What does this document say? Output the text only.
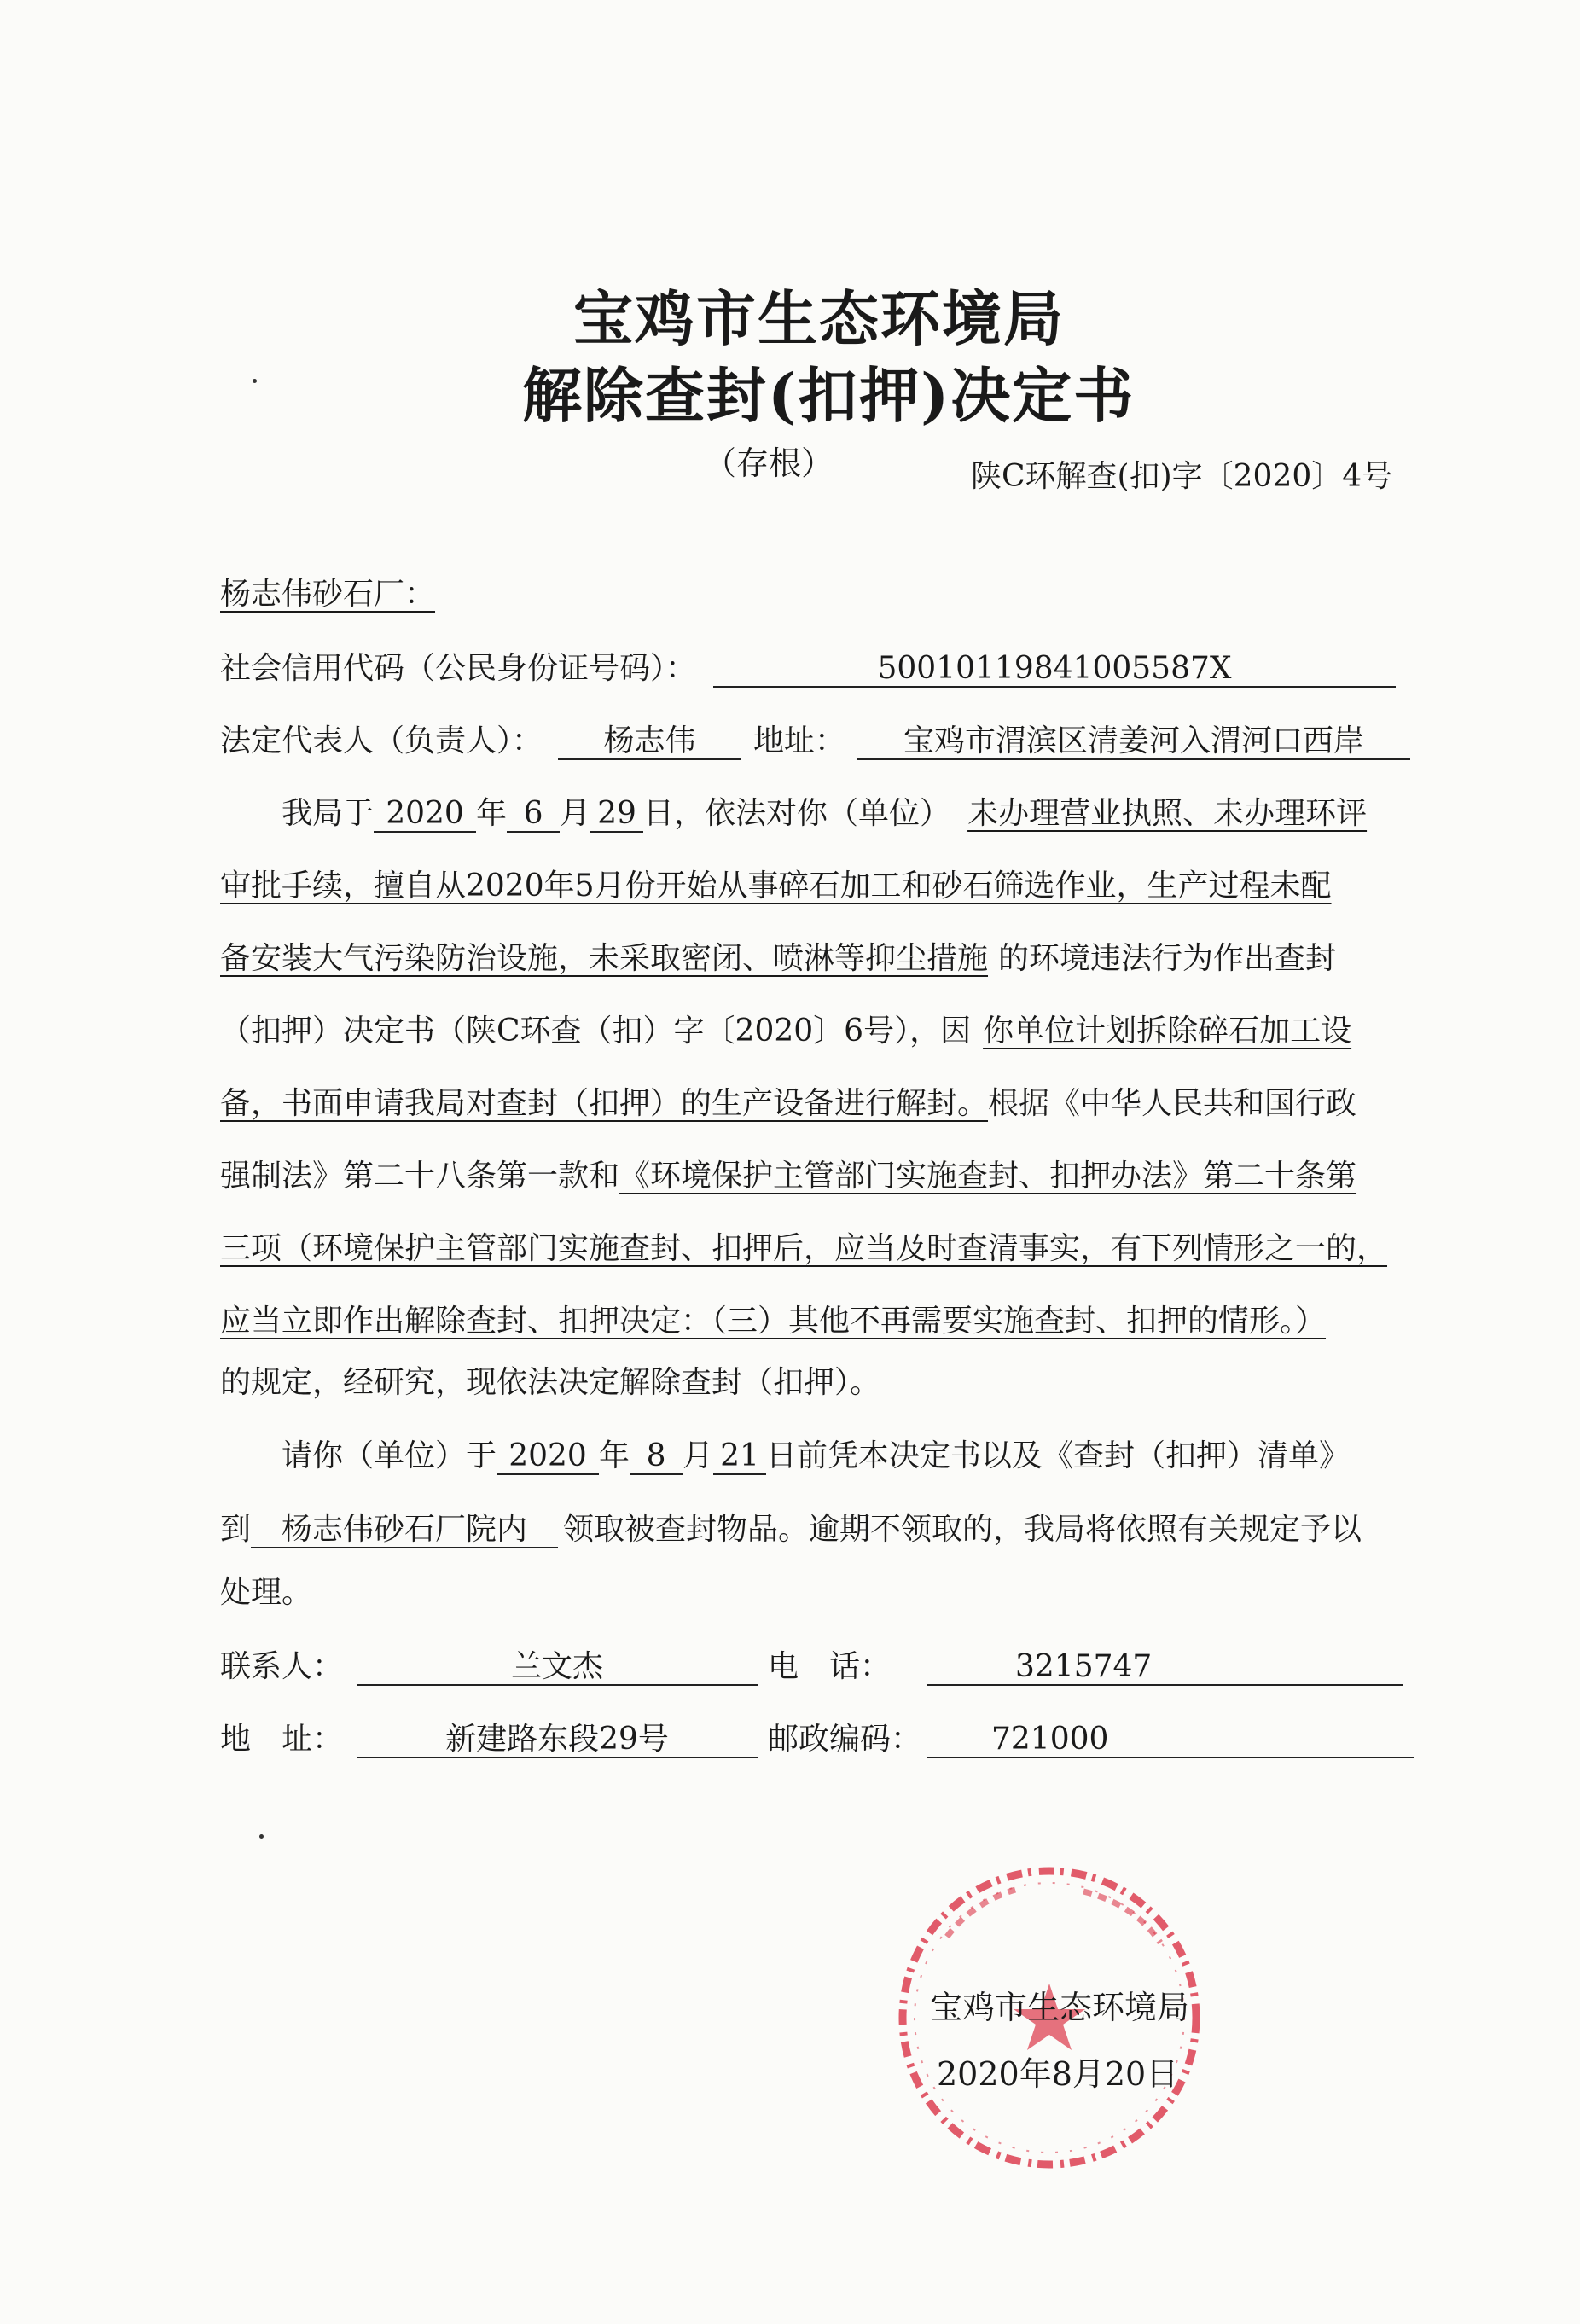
宝鸡市生态环境局
解除查封(扣押)决定书
（存根）	陕C环解查(扣)字〔2020〕4号
杨志伟砂石厂：
社会信用代码（公民身份证号码）：	50010119841005587X
法定代表人（负责人）： 杨志伟 地址： 宝鸡市渭滨区清姜河入渭河口西岸
我局于 2020 年 6 月 29 日，依法对你（单位） 未办理营业执照、未办理环评
审批手续，擅自从2020年5月份开始从事碎石加工和砂石筛选作业，生产过程未配
备安装大气污染防治设施，未采取密闭、喷淋等抑尘措施 的环境违法行为作出查封
（扣押）决定书（陕C环查（扣）字〔2020〕6号），因 你单位计划拆除碎石加工设
备，书面申请我局对查封（扣押）的生产设备进行解封。根据《中华人民共和国行政
强制法》第二十八条第一款和《环境保护主管部门实施查封、扣押办法》第二十条第
三项（环境保护主管部门实施查封、扣押后，应当及时查清事实，有下列情形之一的，
应当立即作出解除查封、扣押决定：（三）其他不再需要实施查封、扣押的情形。）
的规定，经研究，现依法决定解除查封（扣押）。
请你（单位）于 2020 年 8 月 21 日前凭本决定书以及《查封（扣押）清单》
到 杨志伟砂石厂院内 领取被查封物品。逾期不领取的，我局将依照有关规定予以
处理。
联系人：	兰文杰	电　话：	3215747
地　址：	新建路东段29号	邮政编码： 721000
宝鸡市生态环境局
2020年8月20日
